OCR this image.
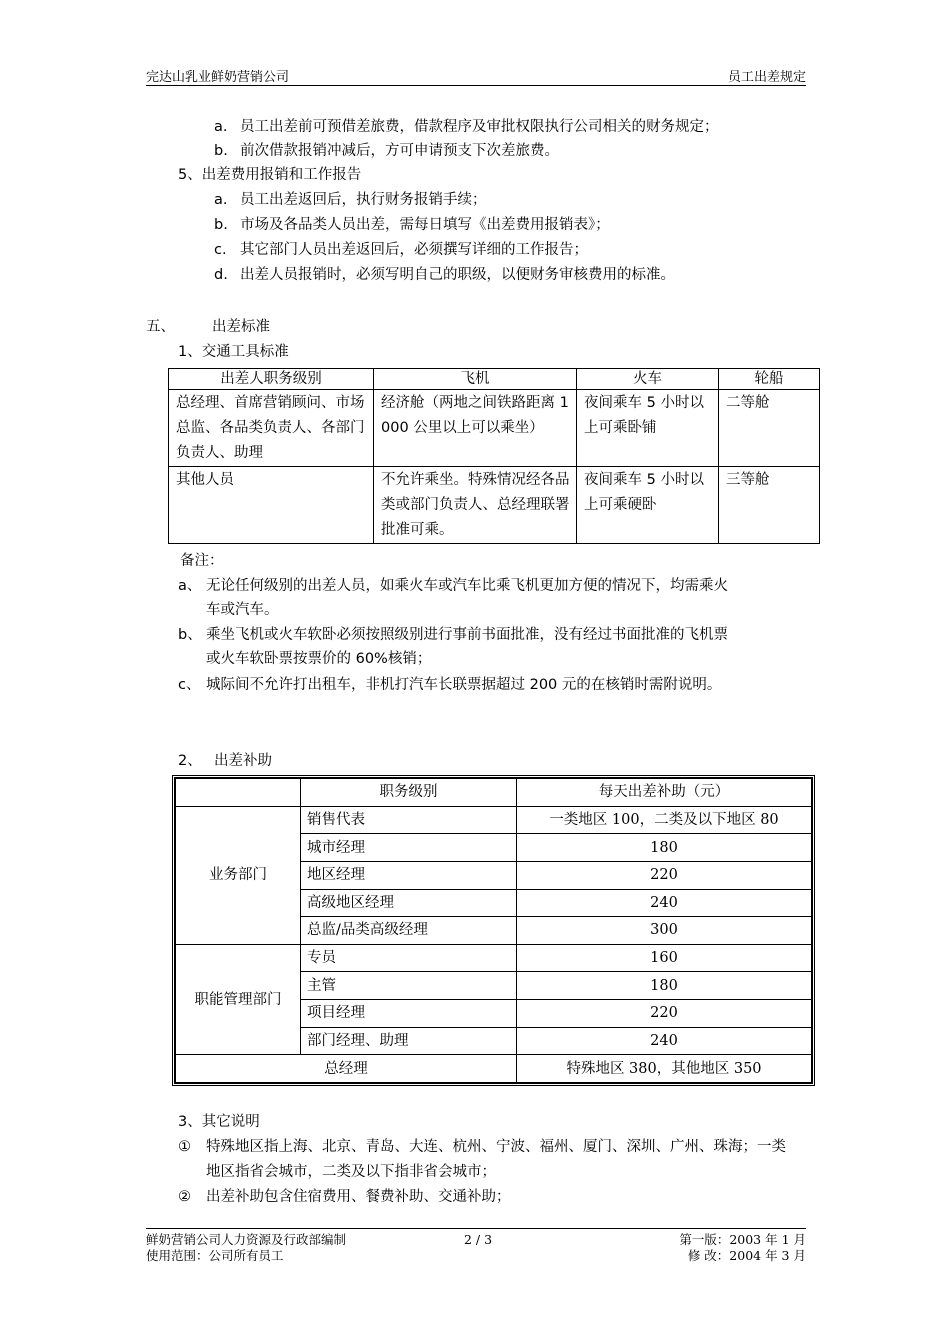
完达山乳业鲜奶营销公司	员工出差规定
a. 员工出差前可预借差旅费，借款程序及审批权限执行公司相关的财务规定；
b. 前次借款报销冲减后，方可申请预支下次差旅费。
5、出差费用报销和工作报告
a. 员工出差返回后，执行财务报销手续；
b. 市场及各品类人员出差，需每日填写《出差费用报销表》；
c. 其它部门人员出差返回后，必须撰写详细的工作报告；
d. 出差人员报销时，必须写明自己的职级，以便财务审核费用的标准。
五、	出差标准
1、交通工具标准
出差人职务级别	飞机	火车	轮船
总经理、首席营销顾问、市场总监、各品类负责人、各部门负责人、助理	经济舱（两地之间铁路距离 1000 公里以上可以乘坐）	夜间乘车 5 小时以上可乘卧铺	二等舱
其他人员	不允许乘坐。特殊情况经各品类或部门负责人、总经理联署批准可乘。	夜间乘车 5 小时以上可乘硬卧	三等舱
备注：
a、 无论任何级别的出差人员，如乘火车或汽车比乘飞机更加方便的情况下，均需乘火
车或汽车。
b、 乘坐飞机或火车软卧必须按照级别进行事前书面批准，没有经过书面批准的飞机票
或火车软卧票按票价的 60%核销；
c、 城际间不允许打出租车，非机打汽车长联票据超过 200 元的在核销时需附说明。
2、 出差补助
	职务级别	每天出差补助（元）
业务部门	销售代表	一类地区 100，二类及以下地区 80
	城市经理	180
	地区经理	220
	高级地区经理	240
	总监/品类高级经理	300
职能管理部门	专员	160
	主管	180
	项目经理	220
	部门经理、助理	240
总经理		特殊地区 380，其他地区 350
3、其它说明
① 特殊地区指上海、北京、青岛、大连、杭州、宁波、福州、厦门、深圳、广州、珠海；一类
地区指省会城市，二类及以下指非省会城市；
② 出差补助包含住宿费用、餐费补助、交通补助；
鲜奶营销公司人力资源及行政部编制
使用范围：公司所有员工
2 / 3	第一版：2003 年 1 月
修 改：2004 年 3 月
